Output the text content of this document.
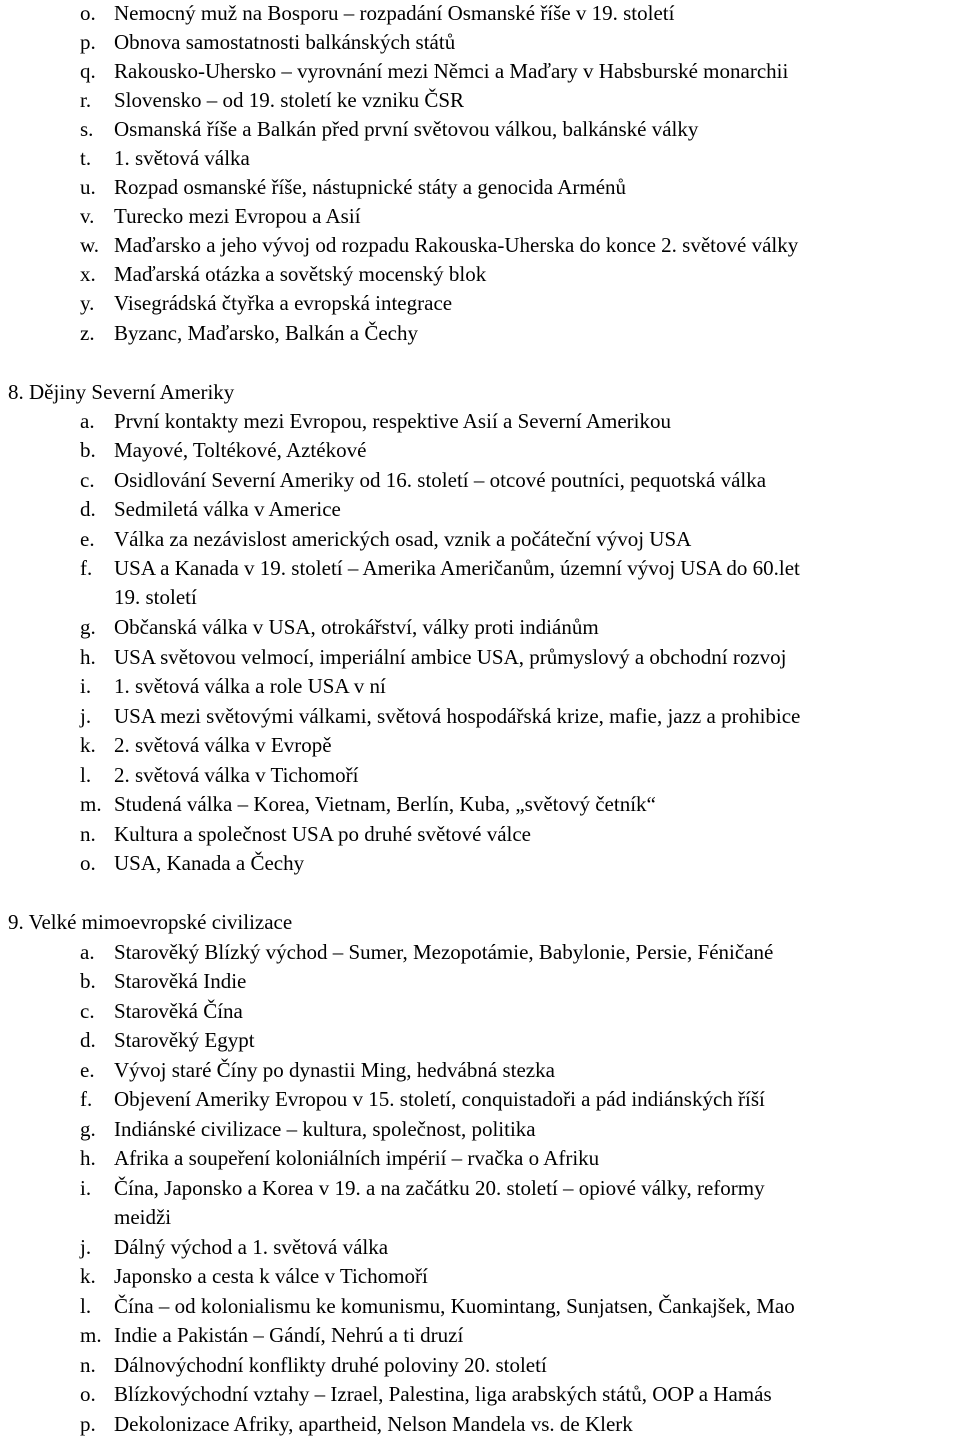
o. Nemocný muž na Bosporu – rozpadání Osmanské říše v 19. století
p. Obnova samostatnosti balkánských států
q. Rakousko-Uhersko – vyrovnání mezi Němci a Maďary v Habsburské monarchii
r. Slovensko – od 19. století ke vzniku ČSR
s. Osmanská říše a Balkán před první světovou válkou, balkánské války
t. 1. světová válka
u. Rozpad osmanské říše, nástupnické státy a genocida Arménů
v. Turecko mezi Evropou a Asií
w. Maďarsko a jeho vývoj od rozpadu Rakouska-Uherska do konce 2. světové války
x. Maďarská otázka a sovětský mocenský blok
y. Visegrádská čtyřka a evropská integrace
z. Byzanc, Maďarsko, Balkán a Čechy
8. Dějiny Severní Ameriky
a. První kontakty mezi Evropou, respektive Asií a Severní Amerikou
b. Mayové, Toltékové, Aztékové
c. Osidlování Severní Ameriky od 16. století – otcové poutníci, pequotská válka
d. Sedmiletá válka v Americe
e. Válka za nezávislost amerických osad, vznik a počáteční vývoj USA
f. USA a Kanada v 19. století – Amerika Američanům, územní vývoj USA do 60.let
19. století
g. Občanská válka v USA, otrokářství, války proti indiánům
h. USA světovou velmocí, imperiální ambice USA, průmyslový a obchodní rozvoj
i. 1. světová válka a role USA v ní
j. USA mezi světovými válkami, světová hospodářská krize, mafie, jazz a prohibice
k. 2. světová válka v Evropě
l. 2. světová válka v Tichomoří
m. Studená válka – Korea, Vietnam, Berlín, Kuba, „světový četník“
n. Kultura a společnost USA po druhé světové válce
o. USA, Kanada a Čechy
9. Velké mimoevropské civilizace
a. Starověký Blízký východ – Sumer, Mezopotámie, Babylonie, Persie, Féničané
b. Starověká Indie
c. Starověká Čína
d. Starověký Egypt
e. Vývoj staré Číny po dynastii Ming, hedvábná stezka
f. Objevení Ameriky Evropou v 15. století, conquistadoři a pád indiánských říší
g. Indiánské civilizace – kultura, společnost, politika
h. Afrika a soupeření koloniálních impérií – rvačka o Afriku
i. Čína, Japonsko a Korea v 19. a na začátku 20. století – opiové války, reformy
meidži
j. Dálný východ a 1. světová válka
k. Japonsko a cesta k válce v Tichomoří
l. Čína – od kolonialismu ke komunismu, Kuomintang, Sunjatsen, Čankajšek, Mao
m. Indie a Pakistán – Gándí, Nehrú a ti druzí
n. Dálnovýchodní konflikty druhé poloviny 20. století
o. Blízkovýchodní vztahy – Izrael, Palestina, liga arabských států, OOP a Hamás
p. Dekolonizace Afriky, apartheid, Nelson Mandela vs. de Klerk
